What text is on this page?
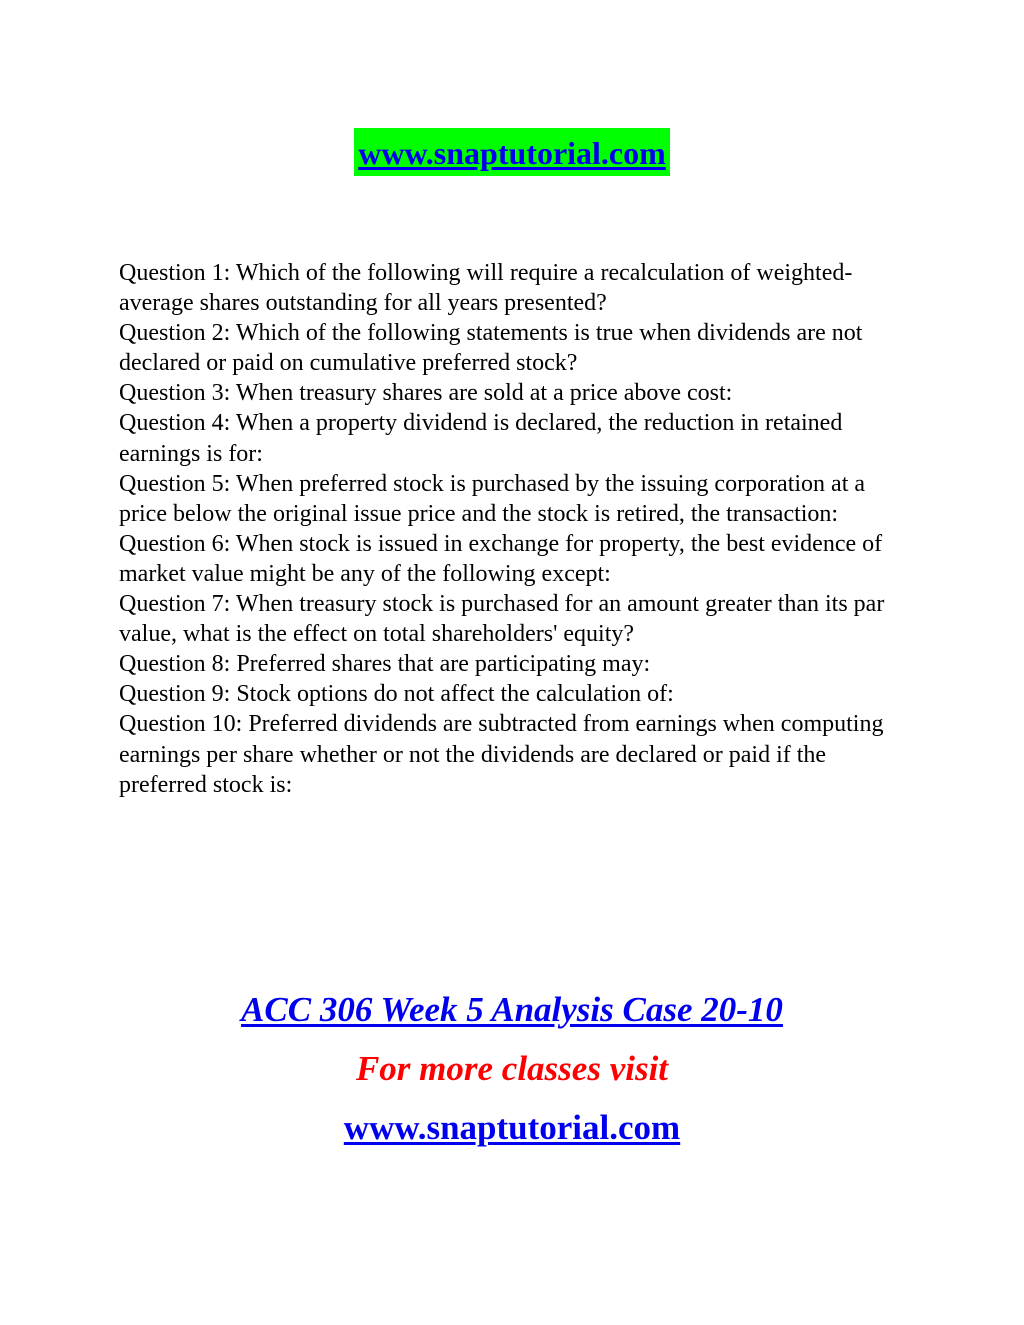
www.snaptutorial.com
Question 1: Which of the following will require a recalculation of weighted-average shares outstanding for all years presented?
Question 2: Which of the following statements is true when dividends are not declared or paid on cumulative preferred stock?
Question 3: When treasury shares are sold at a price above cost:
Question 4: When a property dividend is declared, the reduction in retained earnings is for:
Question 5: When preferred stock is purchased by the issuing corporation at a price below the original issue price and the stock is retired, the transaction:
Question 6: When stock is issued in exchange for property, the best evidence of market value might be any of the following except:
Question 7: When treasury stock is purchased for an amount greater than its par value, what is the effect on total shareholders' equity?
Question 8: Preferred shares that are participating may:
Question 9: Stock options do not affect the calculation of:
Question 10: Preferred dividends are subtracted from earnings when computing earnings per share whether or not the dividends are declared or paid if the preferred stock is:
ACC 306 Week 5 Analysis Case 20-10
For more classes visit
www.snaptutorial.com
